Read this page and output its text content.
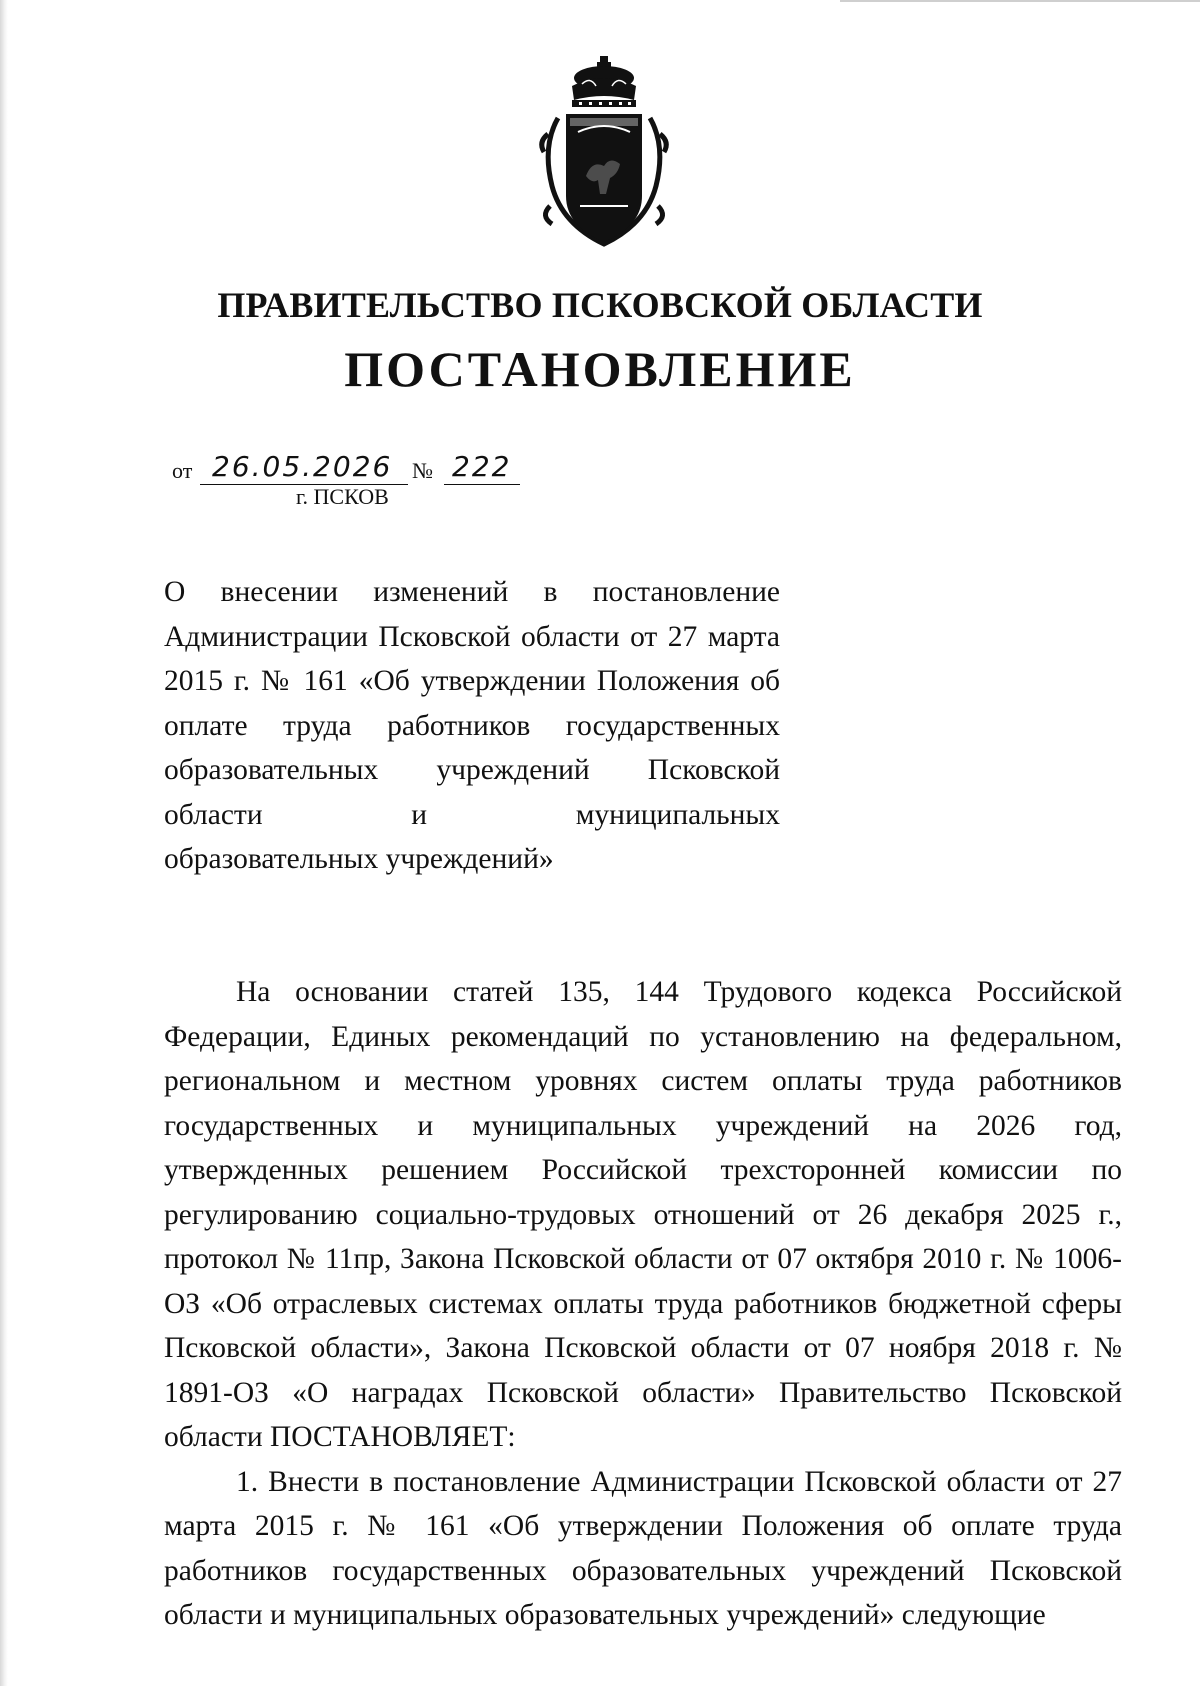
ПРАВИТЕЛЬСТВО ПСКОВСКОЙ ОБЛАСТИ
ПОСТАНОВЛЕНИЕ
от 26.05.2026 № 222
г. ПСКОВ
О внесении изменений в постановление Администрации Псковской области от 27 марта 2015 г. № 161 «Об утверждении Положения об оплате труда работников государственных образовательных учреждений Псковской области и муниципальных
образовательных учреждений»

На основании статей 135, 144 Трудового кодекса Российской Федерации, Единых рекомендаций по установлению на федеральном, региональном и местном уровнях систем оплаты труда работников государственных и муниципальных учреждений на 2026 год, утвержденных решением Российской трехсторонней комиссии по регулированию социально-трудовых отношений от 26 декабря 2025 г., протокол № 11пр, Закона Псковской области от 07 октября 2010 г. № 1006-ОЗ «Об отраслевых системах оплаты труда работников бюджетной сферы Псковской области», Закона Псковской области от 07 ноября 2018 г. № 1891-ОЗ «О наградах Псковской области» Правительство Псковской области ПОСТАНОВЛЯЕТ:

1. Внести в постановление Администрации Псковской области от 27 марта 2015 г. № 161 «Об утверждении Положения об оплате труда работников государственных образовательных учреждений Псковской области и муниципальных образовательных учреждений» следующие
